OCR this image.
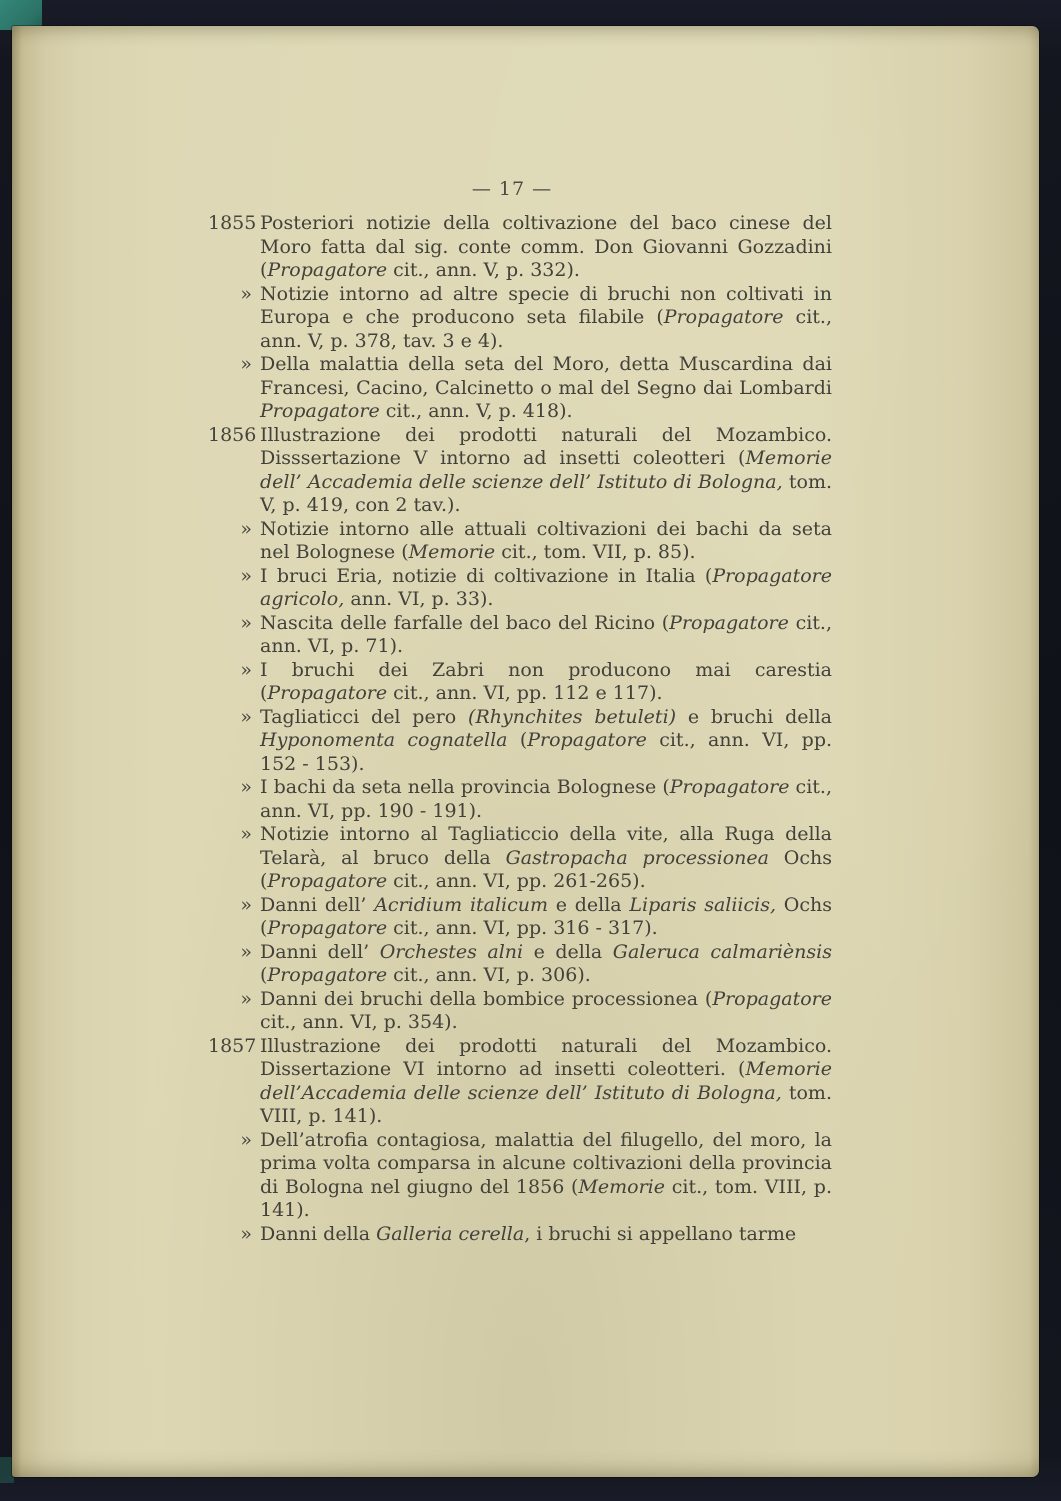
— 17 —
1855 Posteriori notizie della coltivazione del baco cinese del Moro fatta dal sig. conte comm. Don Giovanni Gozzadini (Propagatore cit., ann. V, p. 332).
» Notizie intorno ad altre specie di bruchi non coltivati in Europa e che producono seta filabile (Propagatore cit., ann. V, p. 378, tav. 3 e 4).
» Della malattia della seta del Moro, detta Muscardina dai Francesi, Cacino, Calcinetto o mal del Segno dai Lombardi Propagatore cit., ann. V, p. 418).
1856 Illustrazione dei prodotti naturali del Mozambico. Disssertazione V intorno ad insetti coleotteri (Memorie dell’ Accademia delle scienze dell’ Istituto di Bologna, tom. V, p. 419, con 2 tav.).
» Notizie intorno alle attuali coltivazioni dei bachi da seta nel Bolognese (Memorie cit., tom. VII, p. 85).
» I bruci Eria, notizie di coltivazione in Italia (Propagatore agricolo, ann. VI, p. 33).
» Nascita delle farfalle del baco del Ricino (Propagatore cit., ann. VI, p. 71).
» I bruchi dei Zabri non producono mai carestia (Propagatore cit., ann. VI, pp. 112 e 117).
» Tagliaticci del pero (Rhynchites betuleti) e bruchi della Hyponomenta cognatella (Propagatore cit., ann. VI, pp. 152 - 153).
» I bachi da seta nella provincia Bolognese (Propagatore cit., ann. VI, pp. 190 - 191).
» Notizie intorno al Tagliaticcio della vite, alla Ruga della Telarà, al bruco della Gastropacha processionea Ochs (Propagatore cit., ann. VI, pp. 261-265).
» Danni dell’ Acridium italicum e della Liparis saliicis, Ochs (Propagatore cit., ann. VI, pp. 316 - 317).
» Danni dell’ Orchestes alni e della Galeruca calmariènsis (Propagatore cit., ann. VI, p. 306).
» Danni dei bruchi della bombice processionea (Propagatore cit., ann. VI, p. 354).
1857 Illustrazione dei prodotti naturali del Mozambico. Dissertazione VI intorno ad insetti coleotteri. (Memorie dell’Accademia delle scienze dell’ Istituto di Bologna, tom. VIII, p. 141).
» Dell’atrofia contagiosa, malattia del filugello, del moro, la prima volta comparsa in alcune coltivazioni della provincia di Bologna nel giugno del 1856 (Memorie cit., tom. VIII, p. 141).
» Danni della Galleria cerella, i bruchi si appellano tarme
